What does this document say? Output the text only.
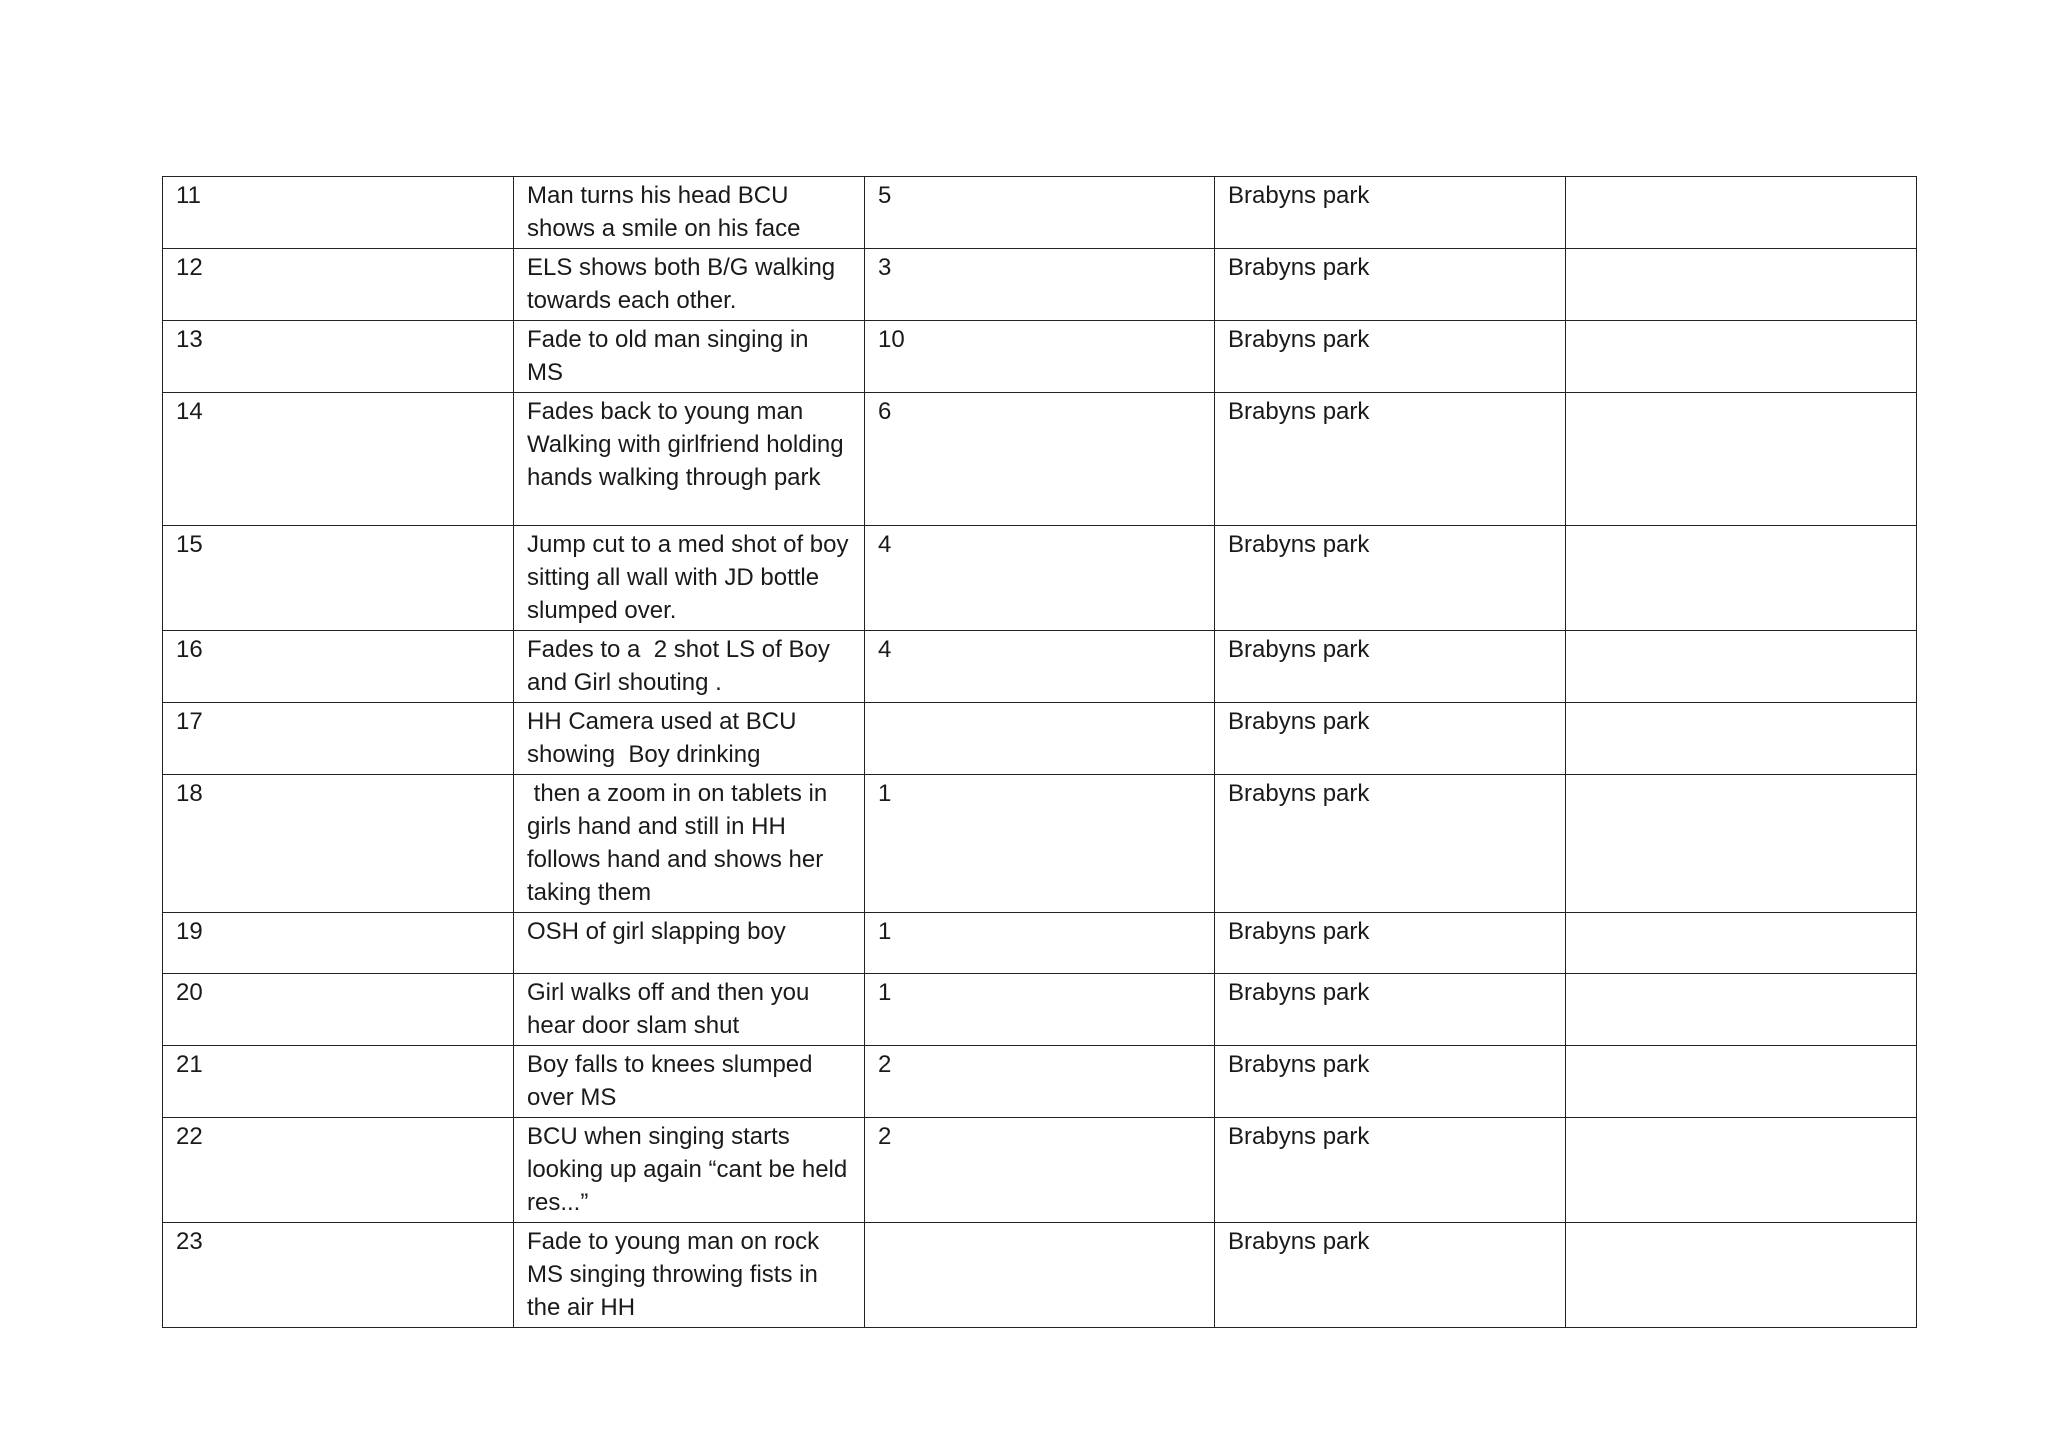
11	Man turns his head BCU shows a smile on his face	5	Brabyns park	
12	ELS shows both B/G walking towards each other.	3	Brabyns park	
13	Fade to old man singing in MS	10	Brabyns park	
14	Fades back to young man Walking with girlfriend holding hands walking through park	6	Brabyns park	
15	Jump cut to a med shot of boy sitting all wall with JD bottle slumped over.	4	Brabyns park	
16	Fades to a  2 shot LS of Boy and Girl shouting .	4	Brabyns park	
17	HH Camera used at BCU showing  Boy drinking		Brabyns park	
18	then a zoom in on tablets in girls hand and still in HH follows hand and shows her taking them	1	Brabyns park	
19	OSH of girl slapping boy	1	Brabyns park	
20	Girl walks off and then you hear door slam shut	1	Brabyns park	
21	Boy falls to knees slumped over MS	2	Brabyns park	
22	BCU when singing starts looking up again “cant be held res...”	2	Brabyns park	
23	Fade to young man on rock MS singing throwing fists in the air HH		Brabyns park	
